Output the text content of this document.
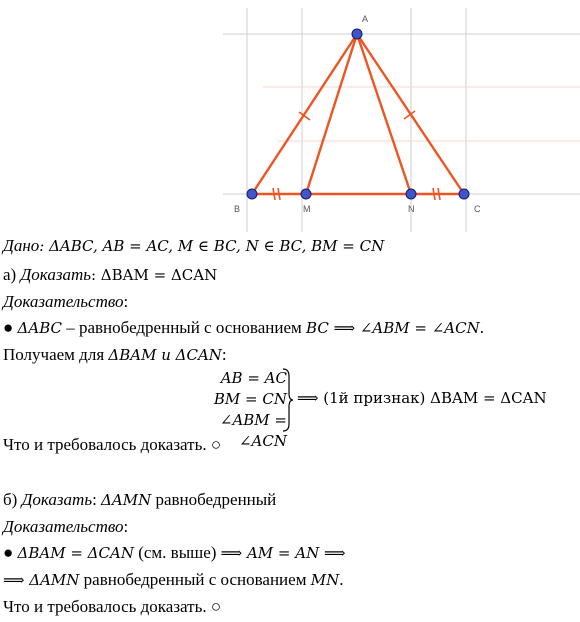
A
B	M	N	C
Дано: ΔABC, AB = AC, M ∈ BC, N ∈ BC, BM = CN
а) Доказать: ΔBAM = ΔCAN
Доказательство:
● ΔABC – равнобедренный с основанием BC ⟹ ∠ABM = ∠ACN.
Получаем для ΔBAM и ΔCAN:
AB = AC
BM = CN
∠ABM = ∠ACN
⟹ (1й признак) ΔBAM = ΔCAN
Что и требовалось доказать. ○
б) Доказать: ΔAMN равнобедренный
Доказательство:
● ΔBAM = ΔCAN (см. выше) ⟹ AM = AN ⟹
⟹ ΔAMN равнобедренный с основанием MN.
Что и требовалось доказать. ○
